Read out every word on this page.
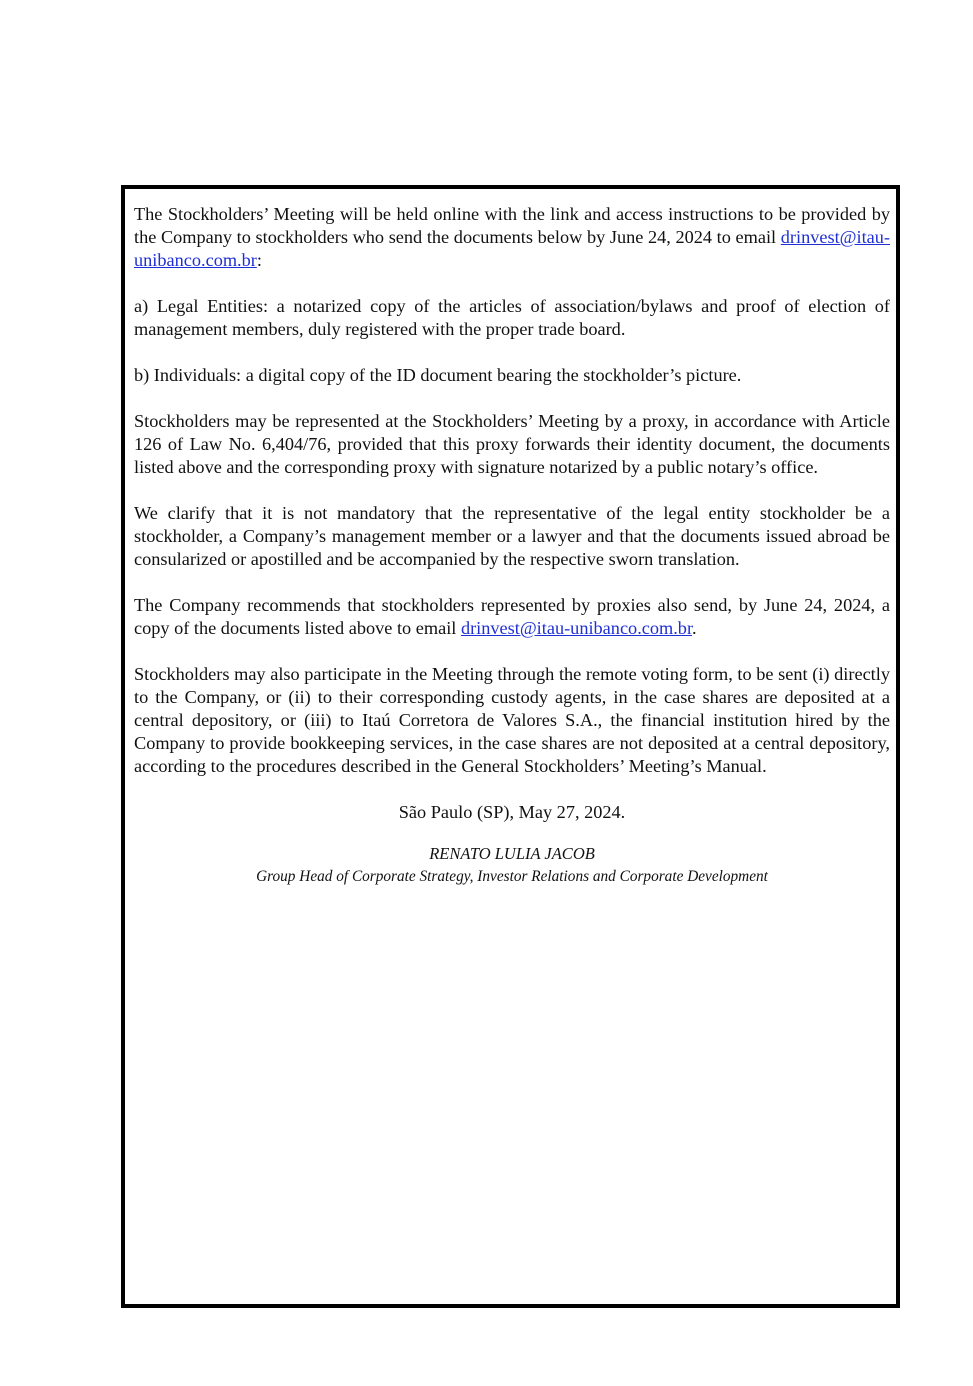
The Stockholders’ Meeting will be held online with the link and access instructions to be provided by the Company to stockholders who send the documents below by June 24, 2024 to email drinvest@itau-unibanco.com.br:

a) Legal Entities: a notarized copy of the articles of association/bylaws and proof of election of management members, duly registered with the proper trade board.

b) Individuals: a digital copy of the ID document bearing the stockholder’s picture.

Stockholders may be represented at the Stockholders’ Meeting by a proxy, in accordance with Article 126 of Law No. 6,404/76, provided that this proxy forwards their identity document, the documents listed above and the corresponding proxy with signature notarized by a public notary’s office.

We clarify that it is not mandatory that the representative of the legal entity stockholder be a stockholder, a Company’s management member or a lawyer and that the documents issued abroad be consularized or apostilled and be accompanied by the respective sworn translation.

The Company recommends that stockholders represented by proxies also send, by June 24, 2024, a copy of the documents listed above to email drinvest@itau-unibanco.com.br.

Stockholders may also participate in the Meeting through the remote voting form, to be sent (i) directly to the Company, or (ii) to their corresponding custody agents, in the case shares are deposited at a central depository, or (iii) to Itaú Corretora de Valores S.A., the financial institution hired by the Company to provide bookkeeping services, in the case shares are not deposited at a central depository, according to the procedures described in the General Stockholders’ Meeting’s Manual.

São Paulo (SP), May 27, 2024.

RENATO LULIA JACOB

Group Head of Corporate Strategy, Investor Relations and Corporate Development
